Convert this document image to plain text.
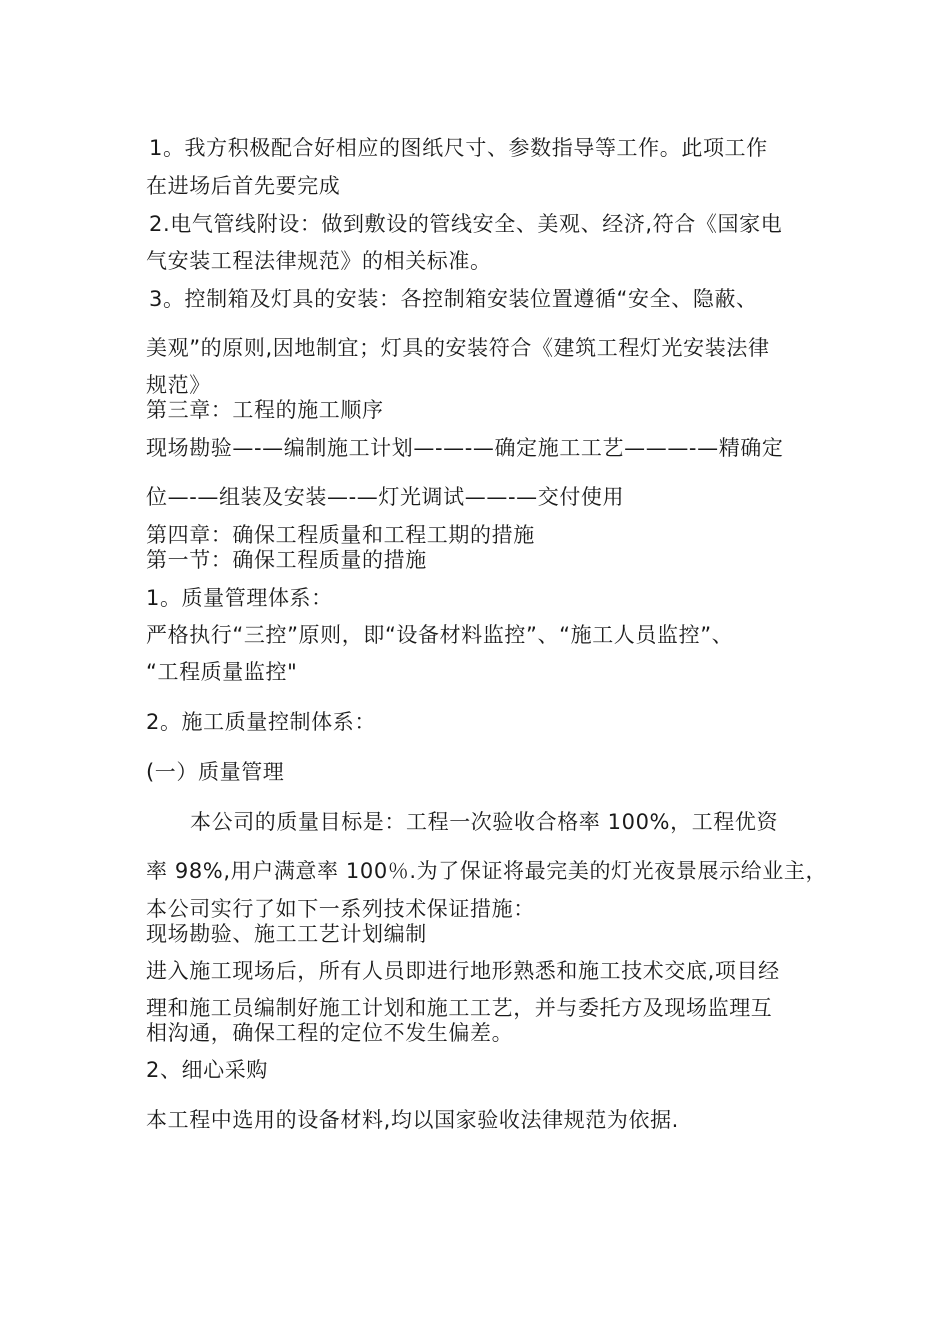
1。我方积极配合好相应的图纸尺寸、参数指导等工作。此项工作
在进场后首先要完成
2.电气管线附设：做到敷设的管线安全、美观、经济,符合《国家电
气安装工程法律规范》的相关标准。
3。控制箱及灯具的安装：各控制箱安装位置遵循“安全、隐蔽、
美观”的原则,因地制宜；灯具的安装符合《建筑工程灯光安装法律
规范》
第三章：工程的施工顺序
现场勘验—-—编制施工计划—-—-—确定施工工艺———-—精确定
位—-—组装及安装—-—灯光调试——-—交付使用
第四章：确保工程质量和工程工期的措施
第一节：确保工程质量的措施
1。质量管理体系：
严格执行“三控”原则，即“设备材料监控”、“施工人员监控”、
“工程质量监控"
2。施工质量控制体系：
(一）质量管理
本公司的质量目标是：工程一次验收合格率 100%，工程优资
率 98%,用户满意率 100％.为了保证将最完美的灯光夜景展示给业主，
本公司实行了如下一系列技术保证措施：
现场勘验、施工工艺计划编制
进入施工现场后，所有人员即进行地形熟悉和施工技术交底,项目经
理和施工员编制好施工计划和施工工艺，并与委托方及现场监理互
相沟通，确保工程的定位不发生偏差。
2、细心采购
本工程中选用的设备材料,均以国家验收法律规范为依据.
